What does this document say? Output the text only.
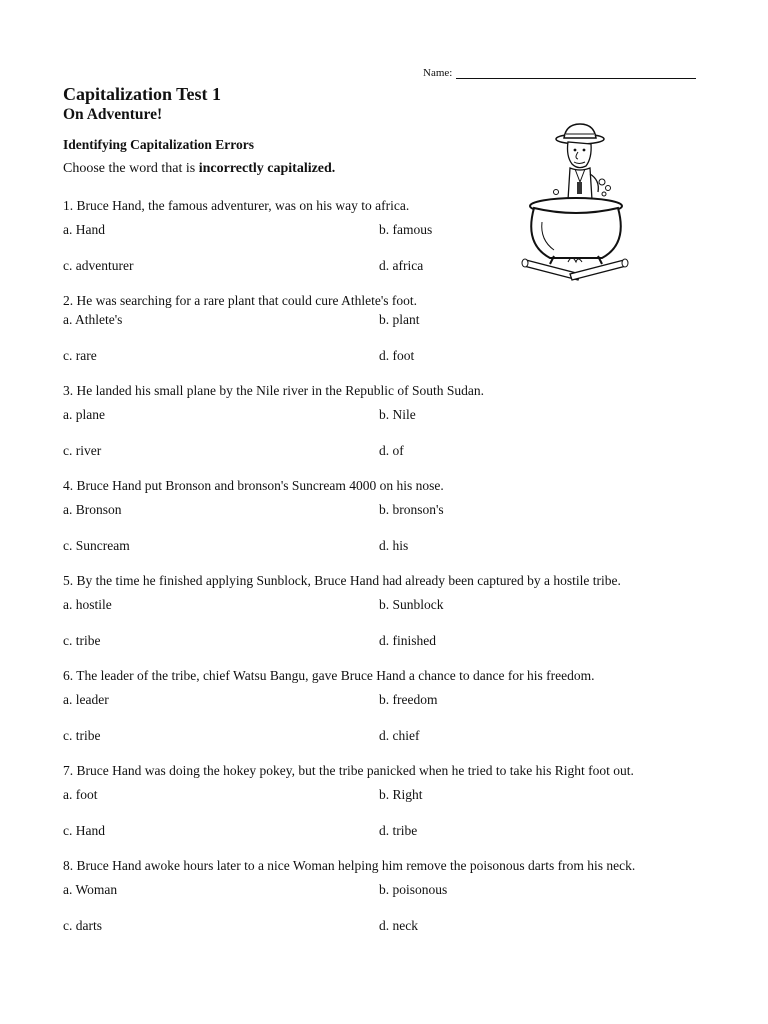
Name:
Capitalization Test 1
On Adventure!
Identifying Capitalization Errors
Choose the word that is incorrectly capitalized.
1. Bruce Hand, the famous adventurer, was on his way to africa.
a. Hand	b. famous
c. adventurer	d. africa
2. He was searching for a rare plant that could cure Athlete's foot.
a. Athlete's	b. plant
c. rare	d. foot
3. He landed his small plane by the Nile river in the Republic of South Sudan.
a. plane	b. Nile
c. river	d. of
4. Bruce Hand put Bronson and bronson's Suncream 4000 on his nose.
a. Bronson	b. bronson's
c. Suncream	d. his
5. By the time he finished applying Sunblock, Bruce Hand had already been captured by a hostile tribe.
a. hostile	b. Sunblock
c. tribe	d. finished
6. The leader of the tribe, chief Watsu Bangu, gave Bruce Hand a chance to dance for his freedom.
a. leader	b. freedom
c. tribe	d. chief
7. Bruce Hand was doing the hokey pokey, but the tribe panicked when he tried to take his Right foot out.
a. foot	b. Right
c. Hand	d. tribe
8. Bruce Hand awoke hours later to a nice Woman helping him remove the poisonous darts from his neck.
a. Woman	b. poisonous
c. darts	d. neck
